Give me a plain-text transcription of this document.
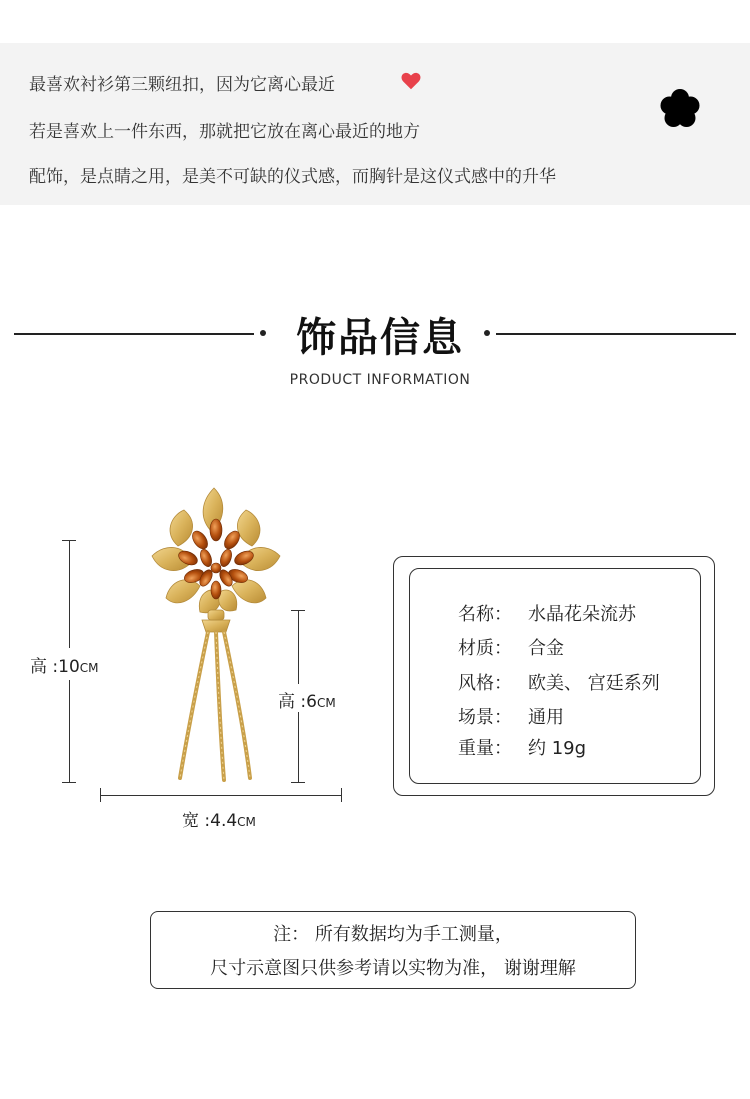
最喜欢衬衫第三颗纽扣，因为它离心最近
若是喜欢上一件东西，那就把它放在离心最近的地方
配饰，是点睛之用，是美不可缺的仪式感，而胸针是这仪式感中的升华
饰品信息
PRODUCT INFORMATION
高 :10CM
高 :6CM
宽 :4.4CM
名称： 水晶花朵流苏
材质： 合金
风格： 欧美、 宫廷系列
场景： 通用
重量： 约 19g
注： 所有数据均为手工测量，
尺寸示意图只供参考请以实物为准， 谢谢理解
